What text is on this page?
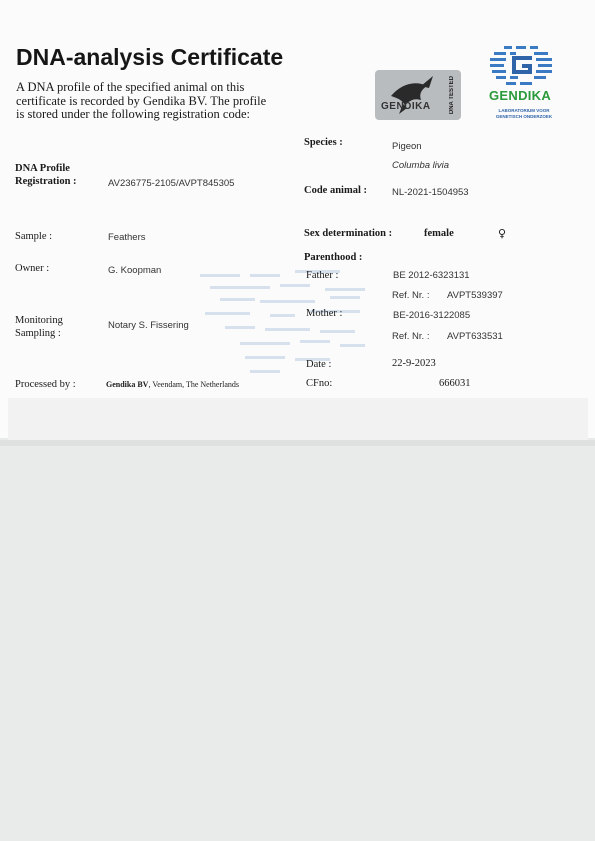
DNA-analysis Certificate
A DNA profile of the specified animal on this certificate is recorded by Gendika BV. The profile is stored under the following registration code:
GENDIKA	DNA TESTED	GENDIKA
LABORATORIUM VOOR GENETISCH ONDERZOEK
DNA Profile
Registration :	AV236775-2105/AVPT845305
Sample :	Feathers
Owner :	G. Koopman
Monitoring
Sampling :
Notary S. Fissering
Processed by :	Gendika BV, Veendam, The Netherlands
Species :	Pigeon
Columba livia
Code animal :	NL-2021-1504953
Sex determination :	female	♀
Parenthood :
Father :	BE 2012-6323131
Ref. Nr. : AVPT539397
Mother :	BE-2016-3122085
Ref. Nr. : AVPT633531
Date :	22-9-2023
CFno:	666031
